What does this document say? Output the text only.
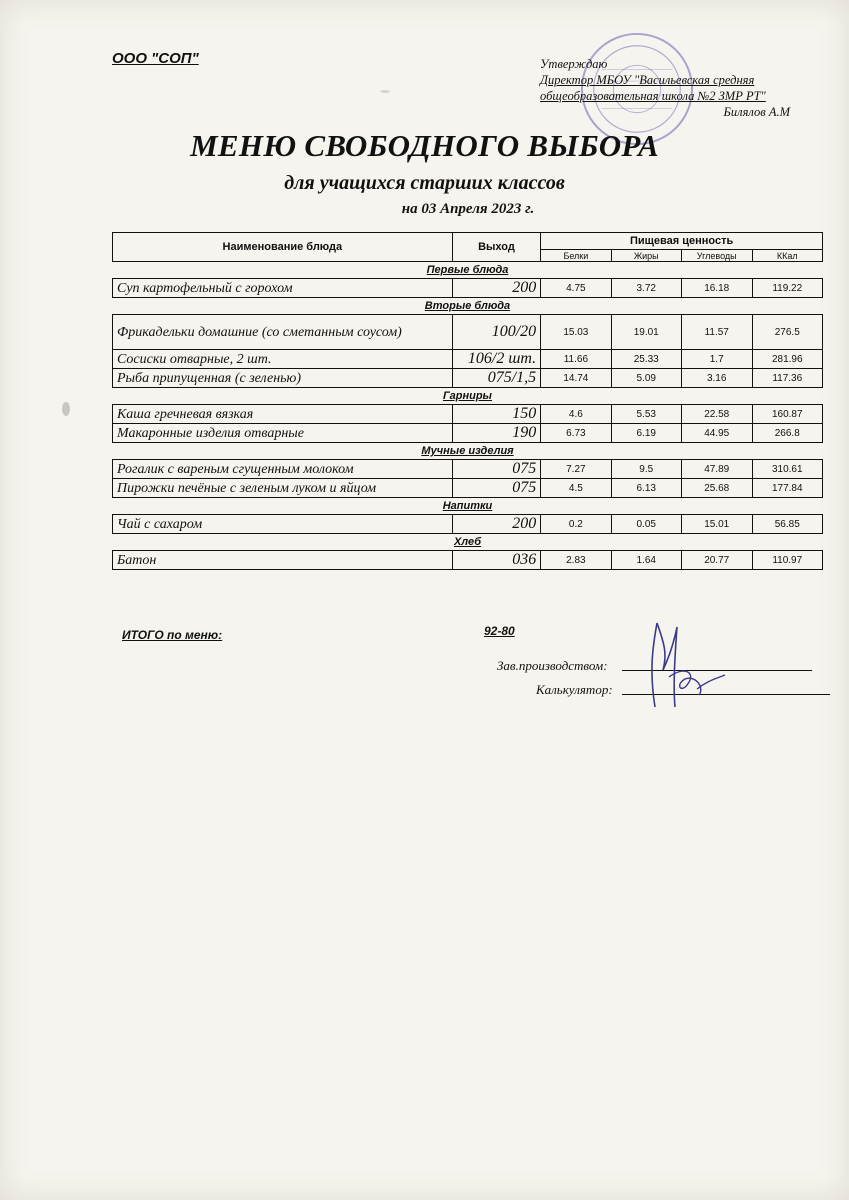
ООО "СОП"	Утверждаю
Директор МБОУ "Васильевская средняя
общеобразовательная школа №2 ЗМР РТ"
Билялов А.М
МЕНЮ СВОБОДНОГО ВЫБОРА
для учащихся старших классов
на 03 Апреля 2023 г.
Наименование блюда	Выход	Пищевая ценность			
		Белки	Жиры	Углеводы	ККал
Первые блюда					
Суп картофельный с горохом	200	4.75	3.72	16.18	119.22
Вторые блюда					
Фрикадельки домашние (со сметанным соусом)	100/20	15.03	19.01	11.57	276.5
Сосиски отварные, 2 шт.	106/2 шт.	11.66	25.33	1.7	281.96
Рыба припущенная (с зеленью)	075/1,5	14.74	5.09	3.16	117.36
Гарниры					
Каша гречневая вязкая	150	4.6	5.53	22.58	160.87
Макаронные изделия отварные	190	6.73	6.19	44.95	266.8
Мучные изделия					
Рогалик с вареным сгущенным молоком	075	7.27	9.5	47.89	310.61
Пирожки печёные с зеленым луком и яйцом	075	4.5	6.13	25.68	177.84
Напитки					
Чай с сахаром	200	0.2	0.05	15.01	56.85
Хлеб					
Батон	036	2.83	1.64	20.77	110.97
ИТОГО по меню:	92-80
Зав.производством:
Калькулятор:
